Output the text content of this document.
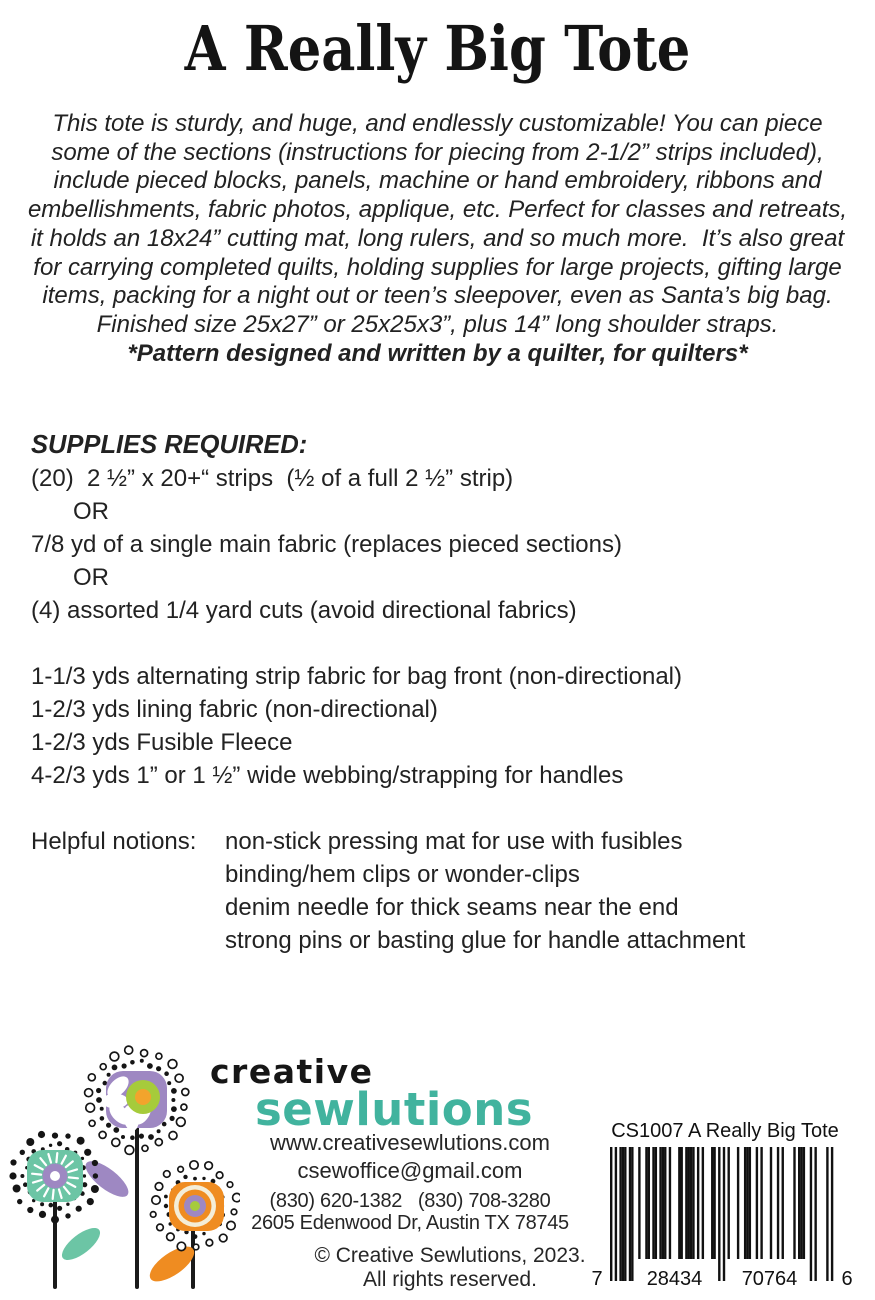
A Really Big Tote
This tote is sturdy, and huge, and endlessly customizable! You can piece
some of the sections (instructions for piecing from 2-1/2” strips included),
include pieced blocks, panels, machine or hand embroidery, ribbons and
embellishments, fabric photos, applique, etc. Perfect for classes and retreats,
it holds an 18x24” cutting mat, long rulers, and so much more.  It’s also great
for carrying completed quilts, holding supplies for large projects, gifting large
items, packing for a night out or teen’s sleepover, even as Santa’s big bag.
Finished size 25x27” or 25x25x3”, plus 14” long shoulder straps.
*Pattern designed and written by a quilter, for quilters*
SUPPLIES REQUIRED:
(20)  2 ½” x 20+“ strips  (½ of a full 2 ½” strip)
OR
7/8 yd of a single main fabric (replaces pieced sections)
OR
(4) assorted 1/4 yard cuts (avoid directional fabrics)
1-1/3 yds alternating strip fabric for bag front (non-directional)
1-2/3 yds lining fabric (non-directional)
1-2/3 yds Fusible Fleece
4-2/3 yds 1” or 1 ½” wide webbing/strapping for handles
Helpful notions: non-stick pressing mat for use with fusibles
binding/hem clips or wonder-clips
denim needle for thick seams near the end
strong pins or basting glue for handle attachment
creative
sewlutions
www.creativesewlutions.com
csewoffice@gmail.com
(830) 620-1382   (830) 708-3280
2605 Edenwood Dr, Austin TX 78745
© Creative Sewlutions, 2023.
All rights reserved.
CS1007 A Really Big Tote
7	28434	70764	6
